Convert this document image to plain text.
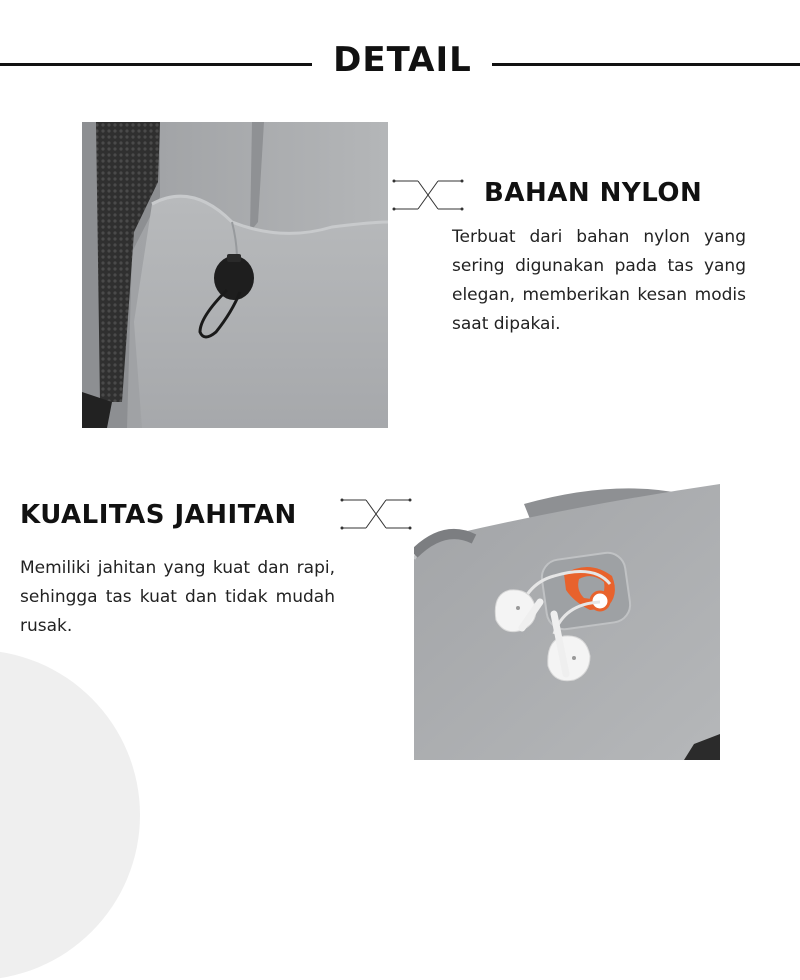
DETAIL
BAHAN NYLON

Terbuat dari bahan nylon yang sering digunakan pada tas yang elegan, memberikan kesan modis saat dipakai.

KUALITAS JAHITAN

Memiliki jahitan yang kuat dan rapi, sehingga tas kuat dan tidak mudah rusak.
